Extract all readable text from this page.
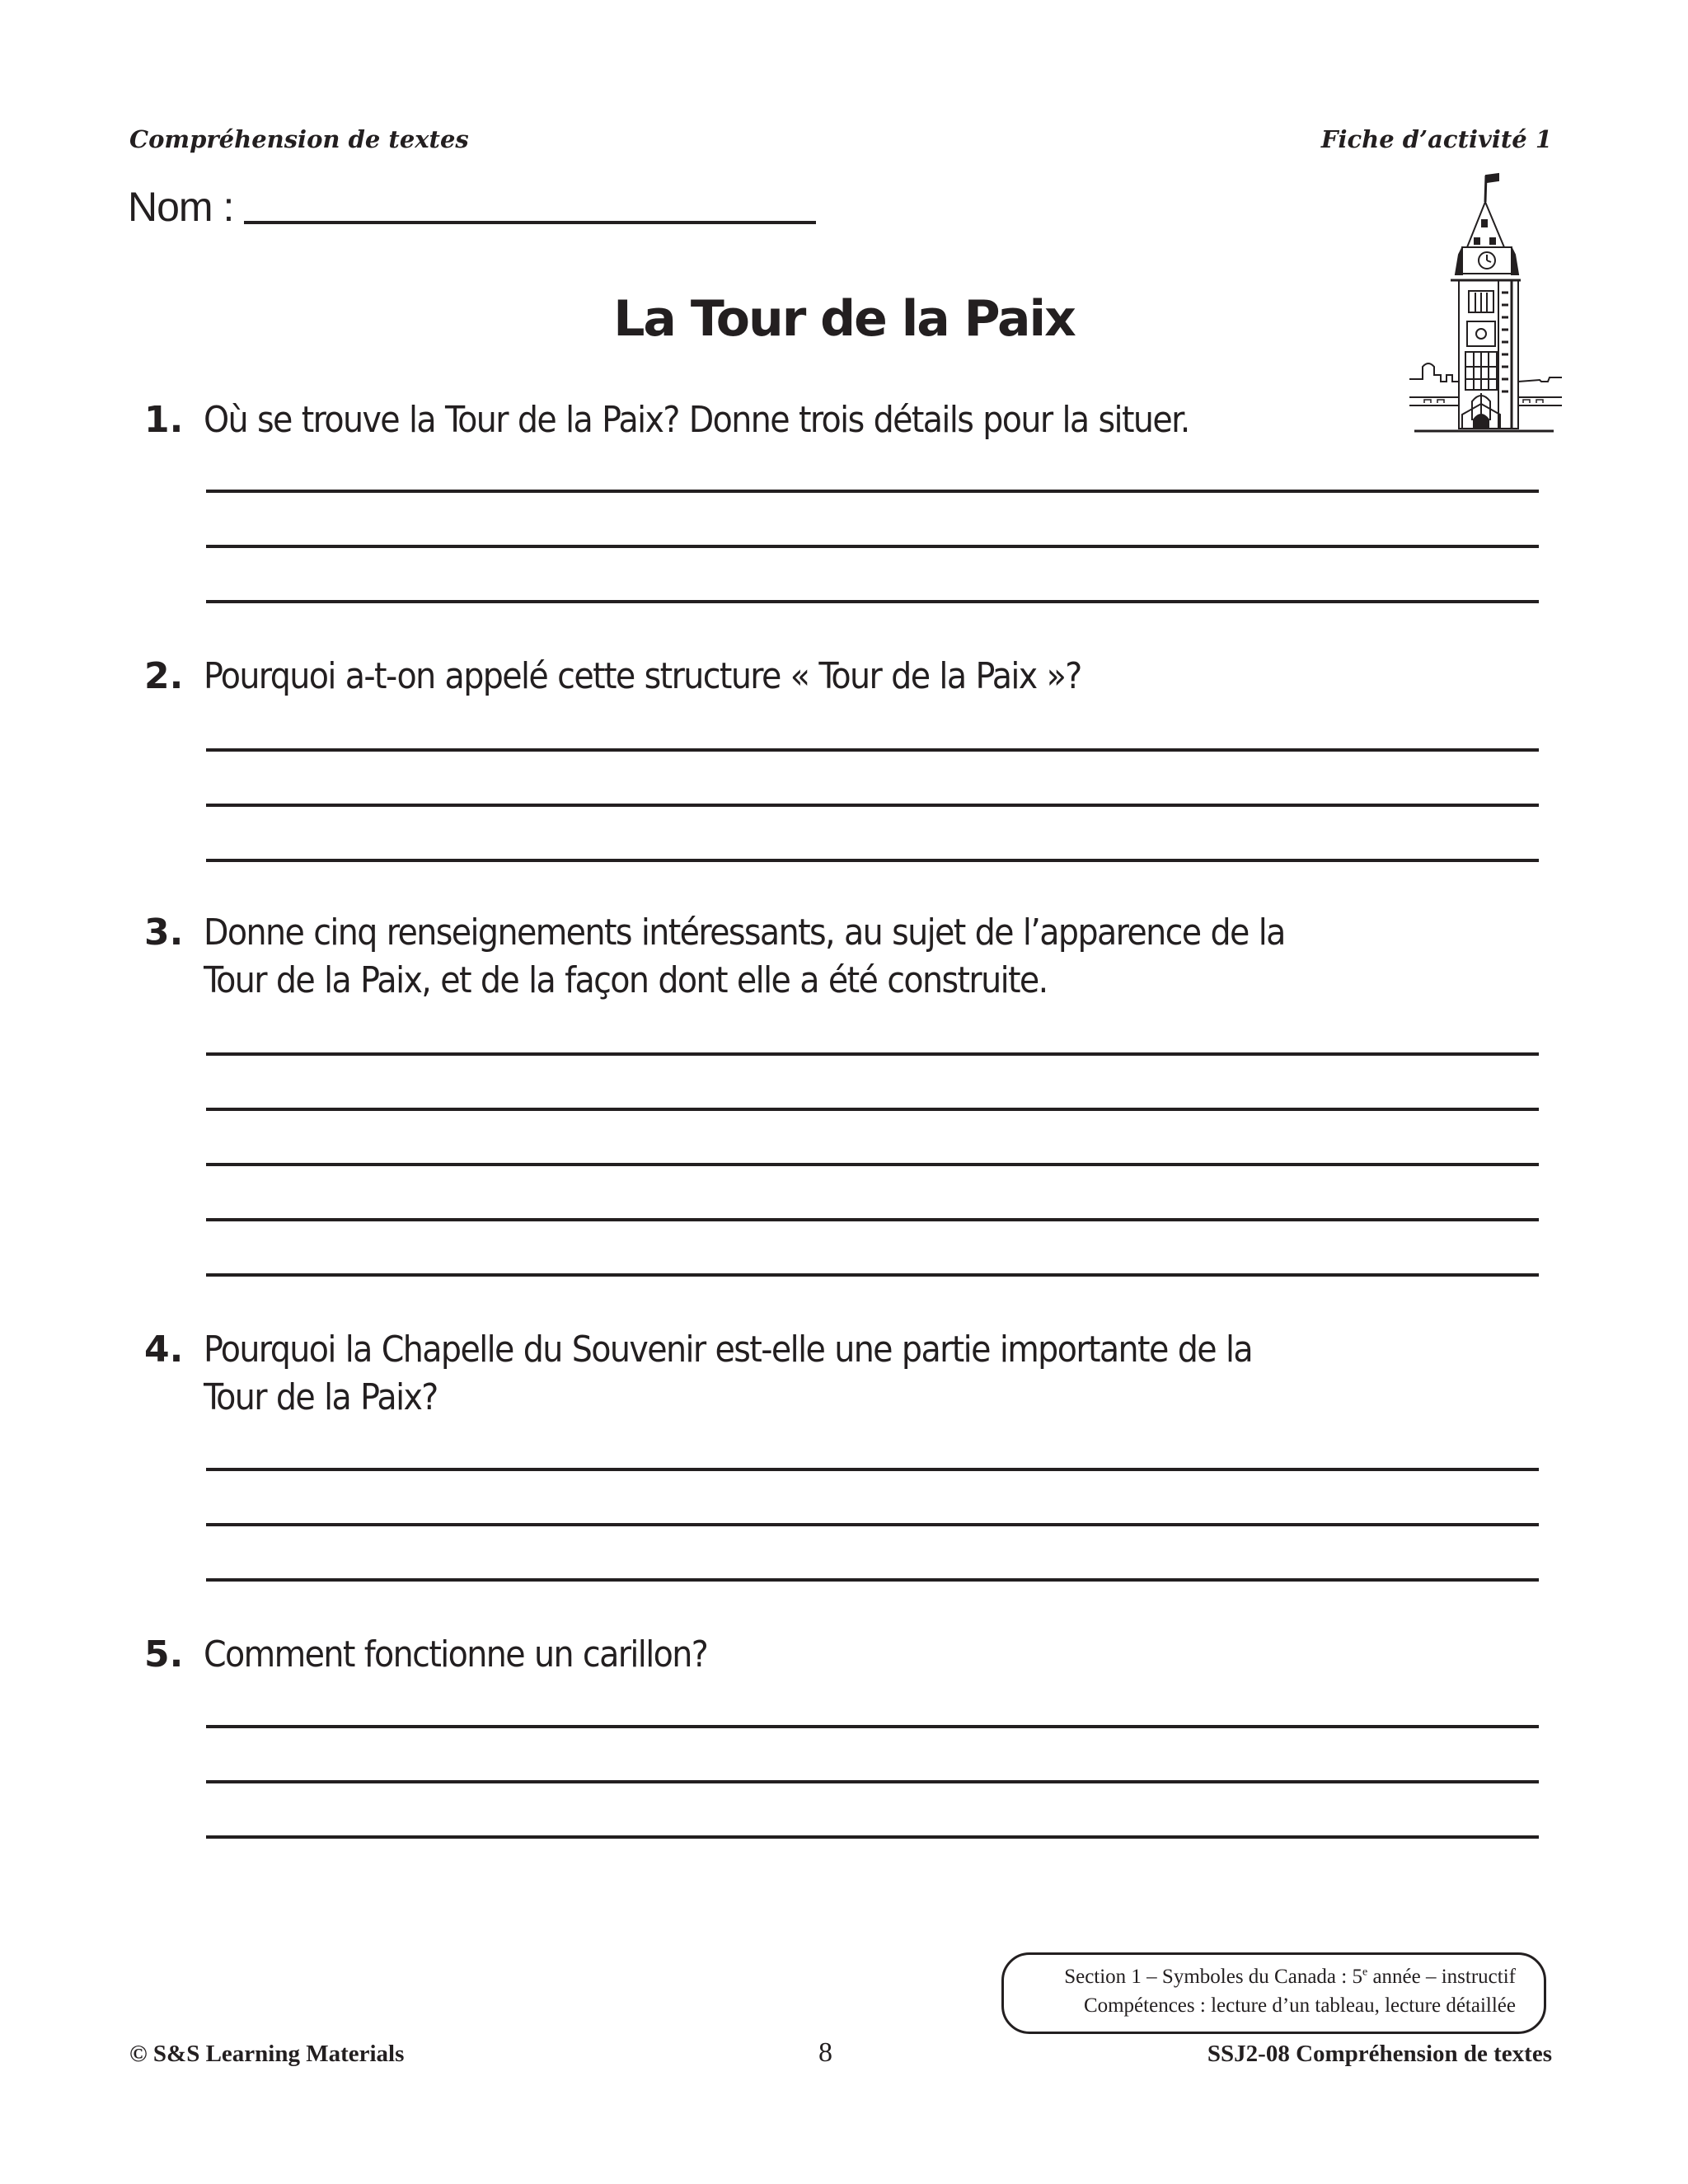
Compréhension de textes	Fiche d’activité 1
Nom :
La Tour de la Paix
1. Où se trouve la Tour de la Paix? Donne trois détails pour la situer.
2. Pourquoi a-t-on appelé cette structure « Tour de la Paix »?
3. Donne cinq renseignements intéressants, au sujet de l’apparence de la
Tour de la Paix, et de la façon dont elle a été construite.
4. Pourquoi la Chapelle du Souvenir est-elle une partie importante de la
Tour de la Paix?
5. Comment fonctionne un carillon?
Section 1 – Symboles du Canada : 5e année – instructif
Compétences : lecture d’un tableau, lecture détaillée
© S&S Learning Materials	8	SSJ2-08 Compréhension de textes
